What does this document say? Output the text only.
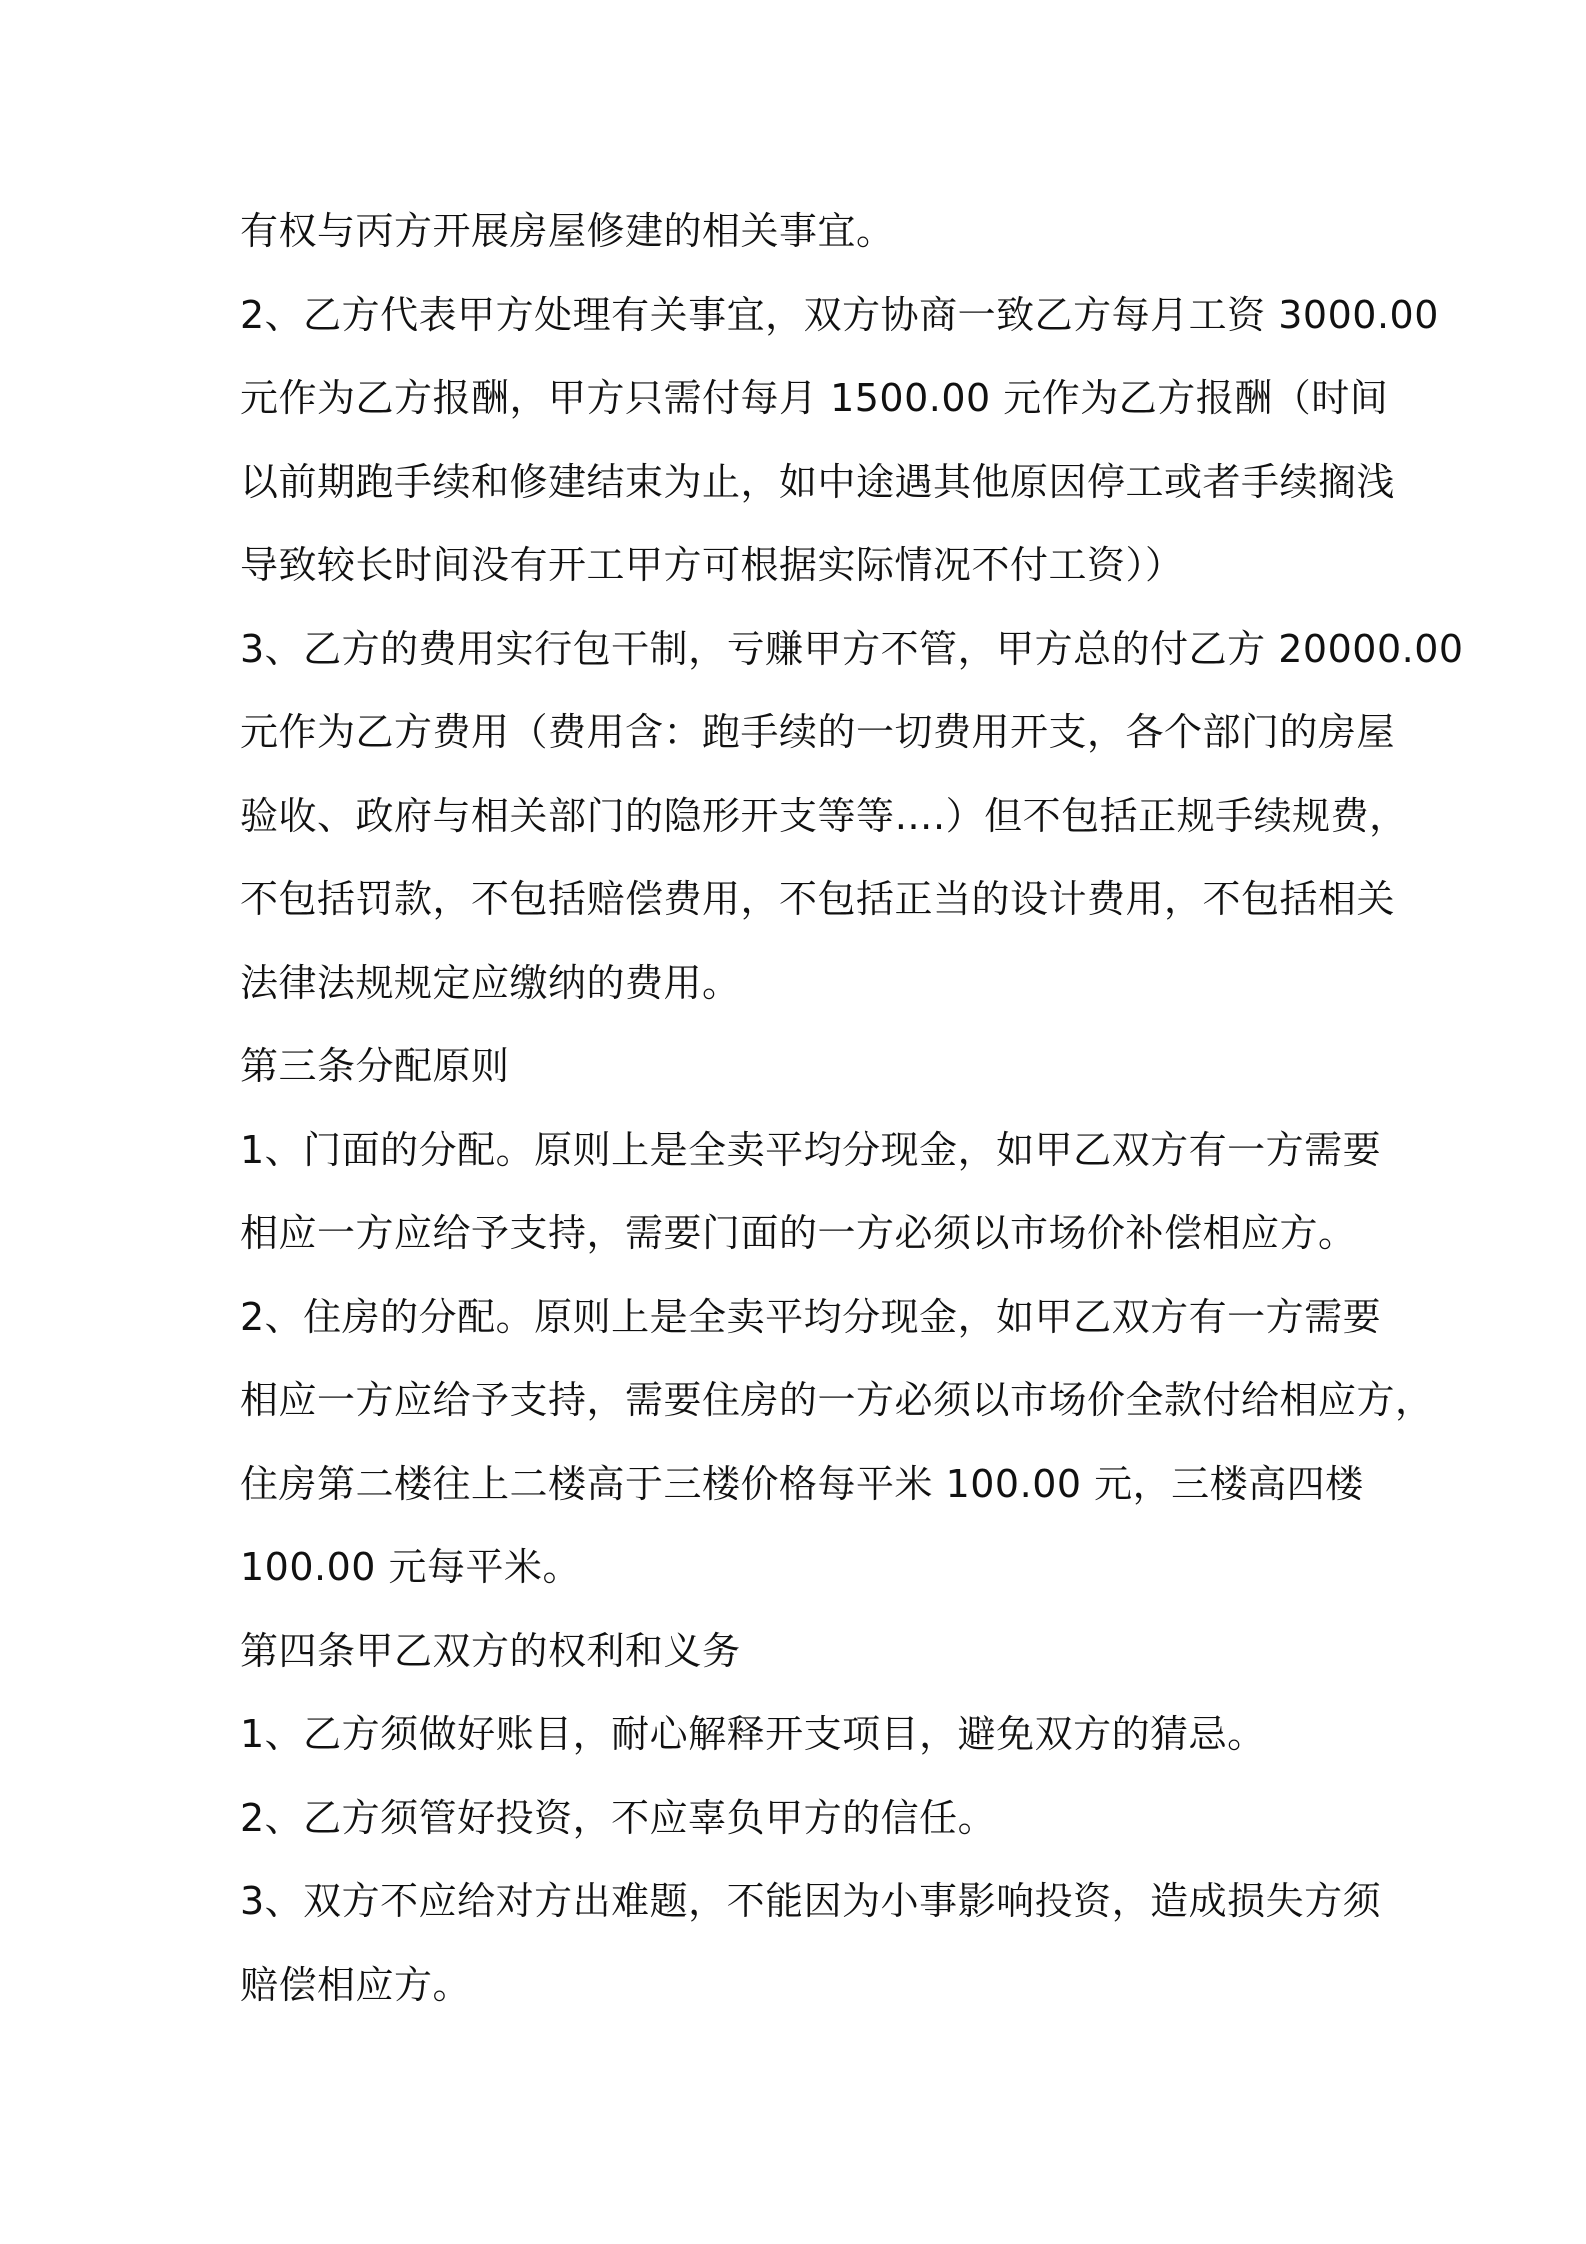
有权与丙方开展房屋修建的相关事宜。
2、乙方代表甲方处理有关事宜，双方协商一致乙方每月工资 3000.00
元作为乙方报酬，甲方只需付每月 1500.00 元作为乙方报酬（时间
以前期跑手续和修建结束为止，如中途遇其他原因停工或者手续搁浅
导致较长时间没有开工甲方可根据实际情况不付工资））
3、乙方的费用实行包干制，亏赚甲方不管，甲方总的付乙方 20000.00
元作为乙方费用（费用含：跑手续的一切费用开支，各个部门的房屋
验收、政府与相关部门的隐形开支等等….）但不包括正规手续规费，
不包括罚款，不包括赔偿费用，不包括正当的设计费用，不包括相关
法律法规规定应缴纳的费用。
第三条分配原则
1、门面的分配。原则上是全卖平均分现金，如甲乙双方有一方需要
相应一方应给予支持，需要门面的一方必须以市场价补偿相应方。
2、住房的分配。原则上是全卖平均分现金，如甲乙双方有一方需要
相应一方应给予支持，需要住房的一方必须以市场价全款付给相应方，
住房第二楼往上二楼高于三楼价格每平米 100.00 元，三楼高四楼
100.00 元每平米。
第四条甲乙双方的权利和义务
1、乙方须做好账目，耐心解释开支项目，避免双方的猜忌。
2、乙方须管好投资，不应辜负甲方的信任。
3、双方不应给对方出难题，不能因为小事影响投资，造成损失方须
赔偿相应方。
